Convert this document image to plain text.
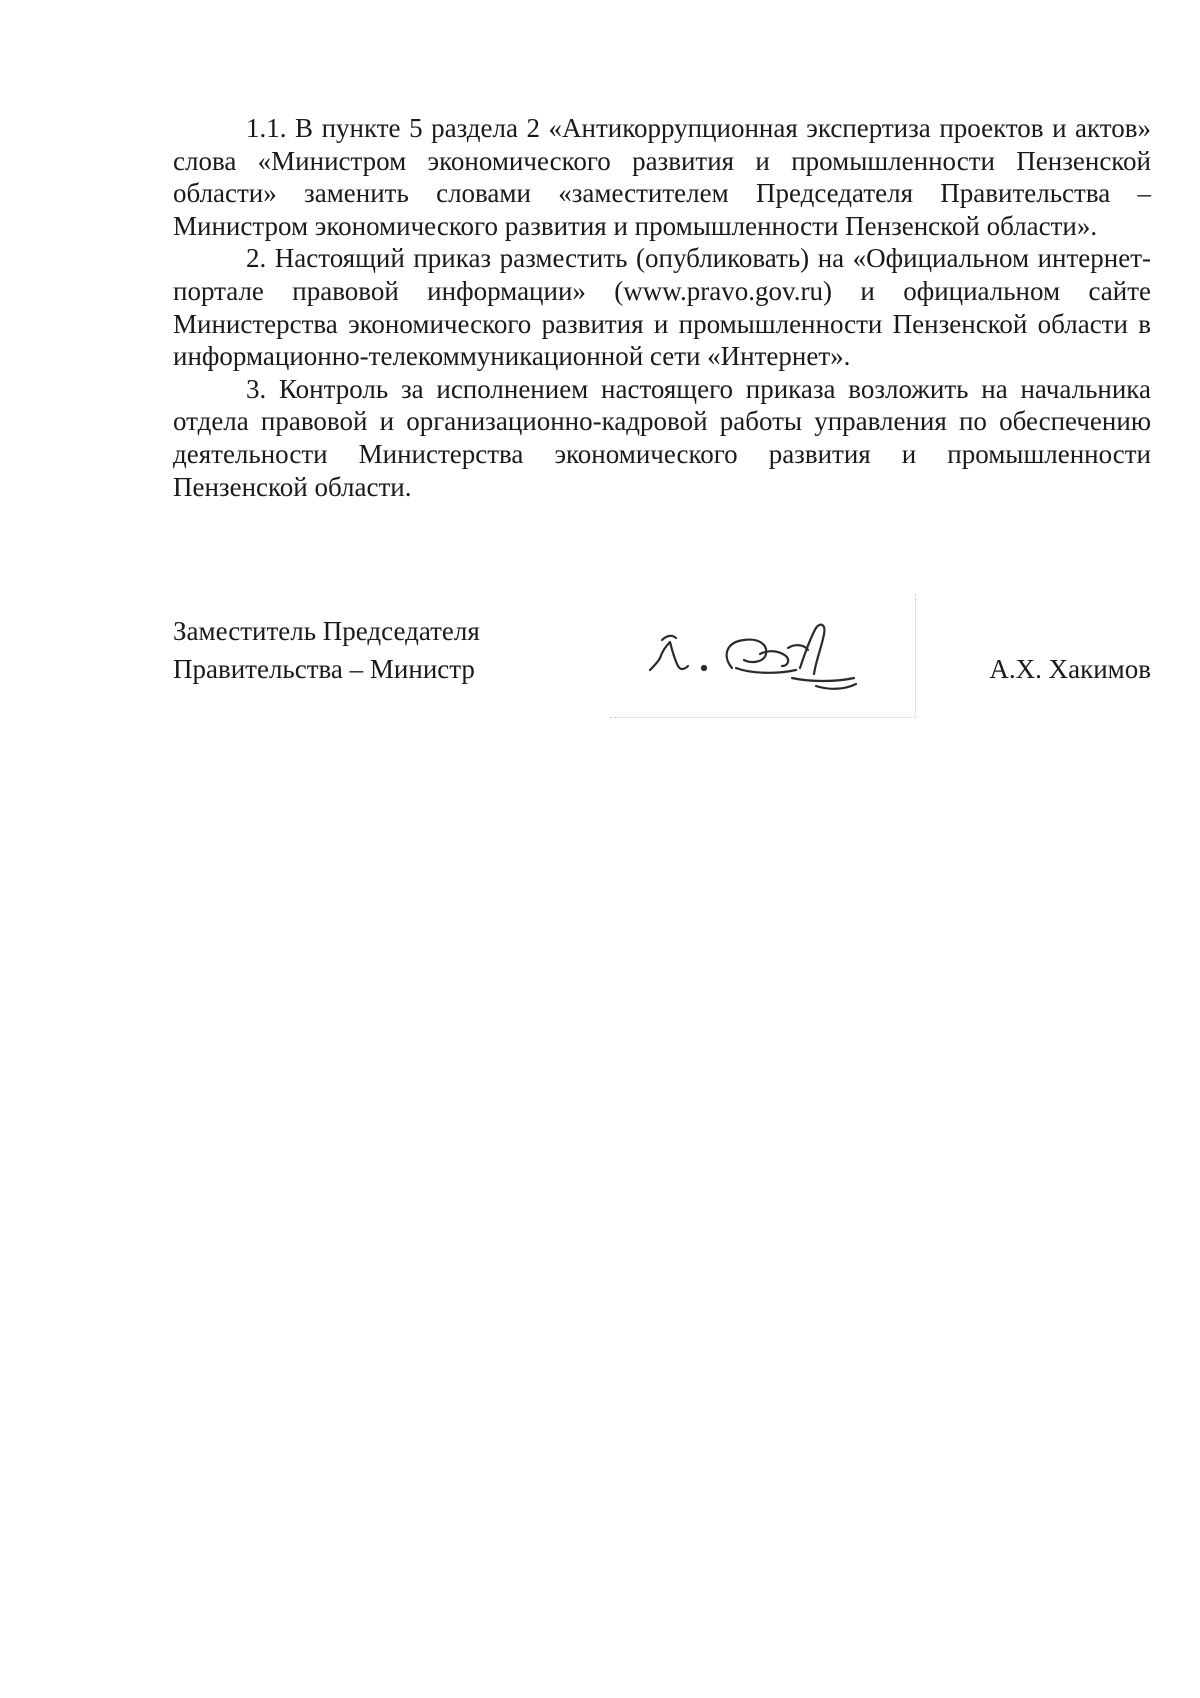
1.1. В пункте 5 раздела 2 «Антикоррупционная экспертиза проектов и актов» слова «Министром экономического развития и промышленности Пензенской области» заменить словами «заместителем Председателя Правительства – Министром экономического развития и промышленности Пензенской области».

2. Настоящий приказ разместить (опубликовать) на «Официальном интернет-портале правовой информации» (www.pravo.gov.ru) и официальном сайте Министерства экономического развития и промышленности Пензенской области в информационно-телекоммуникационной сети «Интернет».

3. Контроль за исполнением настоящего приказа возложить на начальника отдела правовой и организационно-кадровой работы управления по обеспечению деятельности Министерства экономического развития и промышленности Пензенской области.

Заместитель Председателя
Правительства – Министр	А.Х. Хакимов
